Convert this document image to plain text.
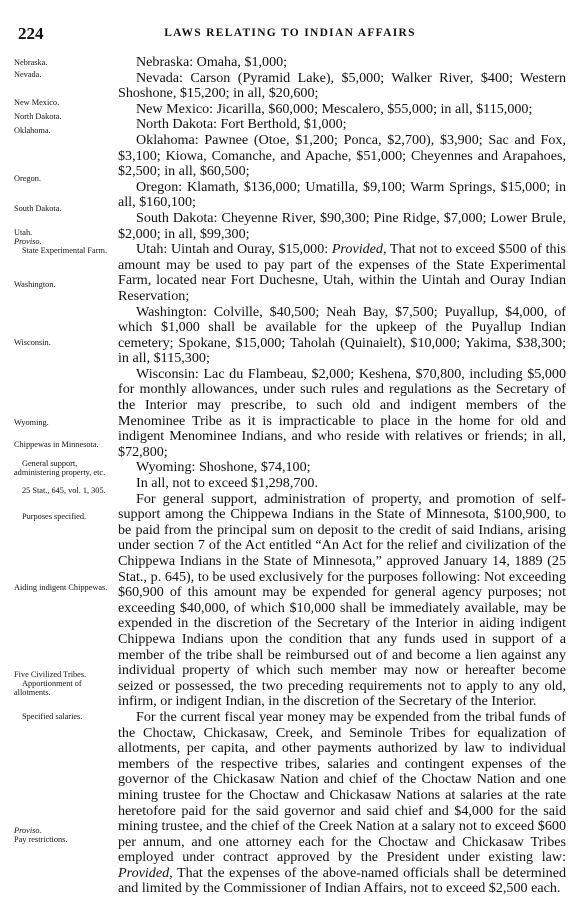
224	LAWS RELATING TO INDIAN AFFAIRS
Nebraska.
Nevada.
New Mexico.
North Dakota.
Oklahoma.
Oregon.
South Dakota.
Utah.
Proviso.
State Experimental Farm.
Washington.
Wisconsin.
Wyoming.
Chippewas in Minnesota.
General support, administering property, etc.
25 Stat., 645, vol. 1, 305.
Purposes specified.
Aiding indigent Chippewas.
Five Civilized Tribes.
Apportionment of allotments.
Specified salaries.
Proviso.
Pay restrictions.

Nebraska: Omaha, $1,000;

Nevada: Carson (Pyramid Lake), $5,000; Walker River, $400; Western Shoshone, $15,200; in all, $20,600;

New Mexico: Jicarilla, $60,000; Mescalero, $55,000; in all, $115,000;

North Dakota: Fort Berthold, $1,000;

Oklahoma: Pawnee (Otoe, $1,200; Ponca, $2,700), $3,900; Sac and Fox, $3,100; Kiowa, Comanche, and Apache, $51,000; Cheyennes and Arapahoes, $2,500; in all, $60,500;

Oregon: Klamath, $136,000; Umatilla, $9,100; Warm Springs, $15,000; in all, $160,100;

South Dakota: Cheyenne River, $90,300; Pine Ridge, $7,000; Lower Brule, $2,000; in all, $99,300;

Utah: Uintah and Ouray, $15,000: Provided, That not to exceed $500 of this amount may be used to pay part of the expenses of the State Experimental Farm, located near Fort Duchesne, Utah, within the Uintah and Ouray Indian Reservation;

Washington: Colville, $40,500; Neah Bay, $7,500; Puyallup, $4,000, of which $1,000 shall be available for the upkeep of the Puyallup Indian cemetery; Spokane, $15,000; Taholah (Quinaielt), $10,000; Yakima, $38,300; in all, $115,300;

Wisconsin: Lac du Flambeau, $2,000; Keshena, $70,800, including $5,000 for monthly allowances, under such rules and regulations as the Secretary of the Interior may prescribe, to such old and indigent members of the Menominee Tribe as it is impracticable to place in the home for old and indigent Menominee Indians, and who reside with relatives or friends; in all, $72,800;

Wyoming: Shoshone, $74,100;

In all, not to exceed $1,298,700.

For general support, administration of property, and promotion of self-support among the Chippewa Indians in the State of Minnesota, $100,900, to be paid from the principal sum on deposit to the credit of said Indians, arising under section 7 of the Act entitled “An Act for the relief and civilization of the Chippewa Indians in the State of Minnesota,” approved January 14, 1889 (25 Stat., p. 645), to be used exclusively for the purposes following: Not exceeding $60,900 of this amount may be expended for general agency purposes; not exceeding $40,000, of which $10,000 shall be immediately available, may be expended in the discretion of the Secretary of the Interior in aiding indigent Chippewa Indians upon the condition that any funds used in support of a member of the tribe shall be reimbursed out of and become a lien against any individual property of which such member may now or hereafter become seized or possessed, the two preceding requirements not to apply to any old, infirm, or indigent Indian, in the discretion of the Secretary of the Interior.

For the current fiscal year money may be expended from the tribal funds of the Choctaw, Chickasaw, Creek, and Seminole Tribes for equalization of allotments, per capita, and other payments authorized by law to individual members of the respective tribes, salaries and contingent expenses of the governor of the Chickasaw Nation and chief of the Choctaw Nation and one mining trustee for the Choctaw and Chickasaw Nations at salaries at the rate heretofore paid for the said governor and said chief and $4,000 for the said mining trustee, and the chief of the Creek Nation at a salary not to exceed $600 per annum, and one attorney each for the Choctaw and Chickasaw Tribes employed under contract approved by the President under existing law: Provided, That the expenses of the above-named officials shall be determined and limited by the Commissioner of Indian Affairs, not to exceed $2,500 each.
